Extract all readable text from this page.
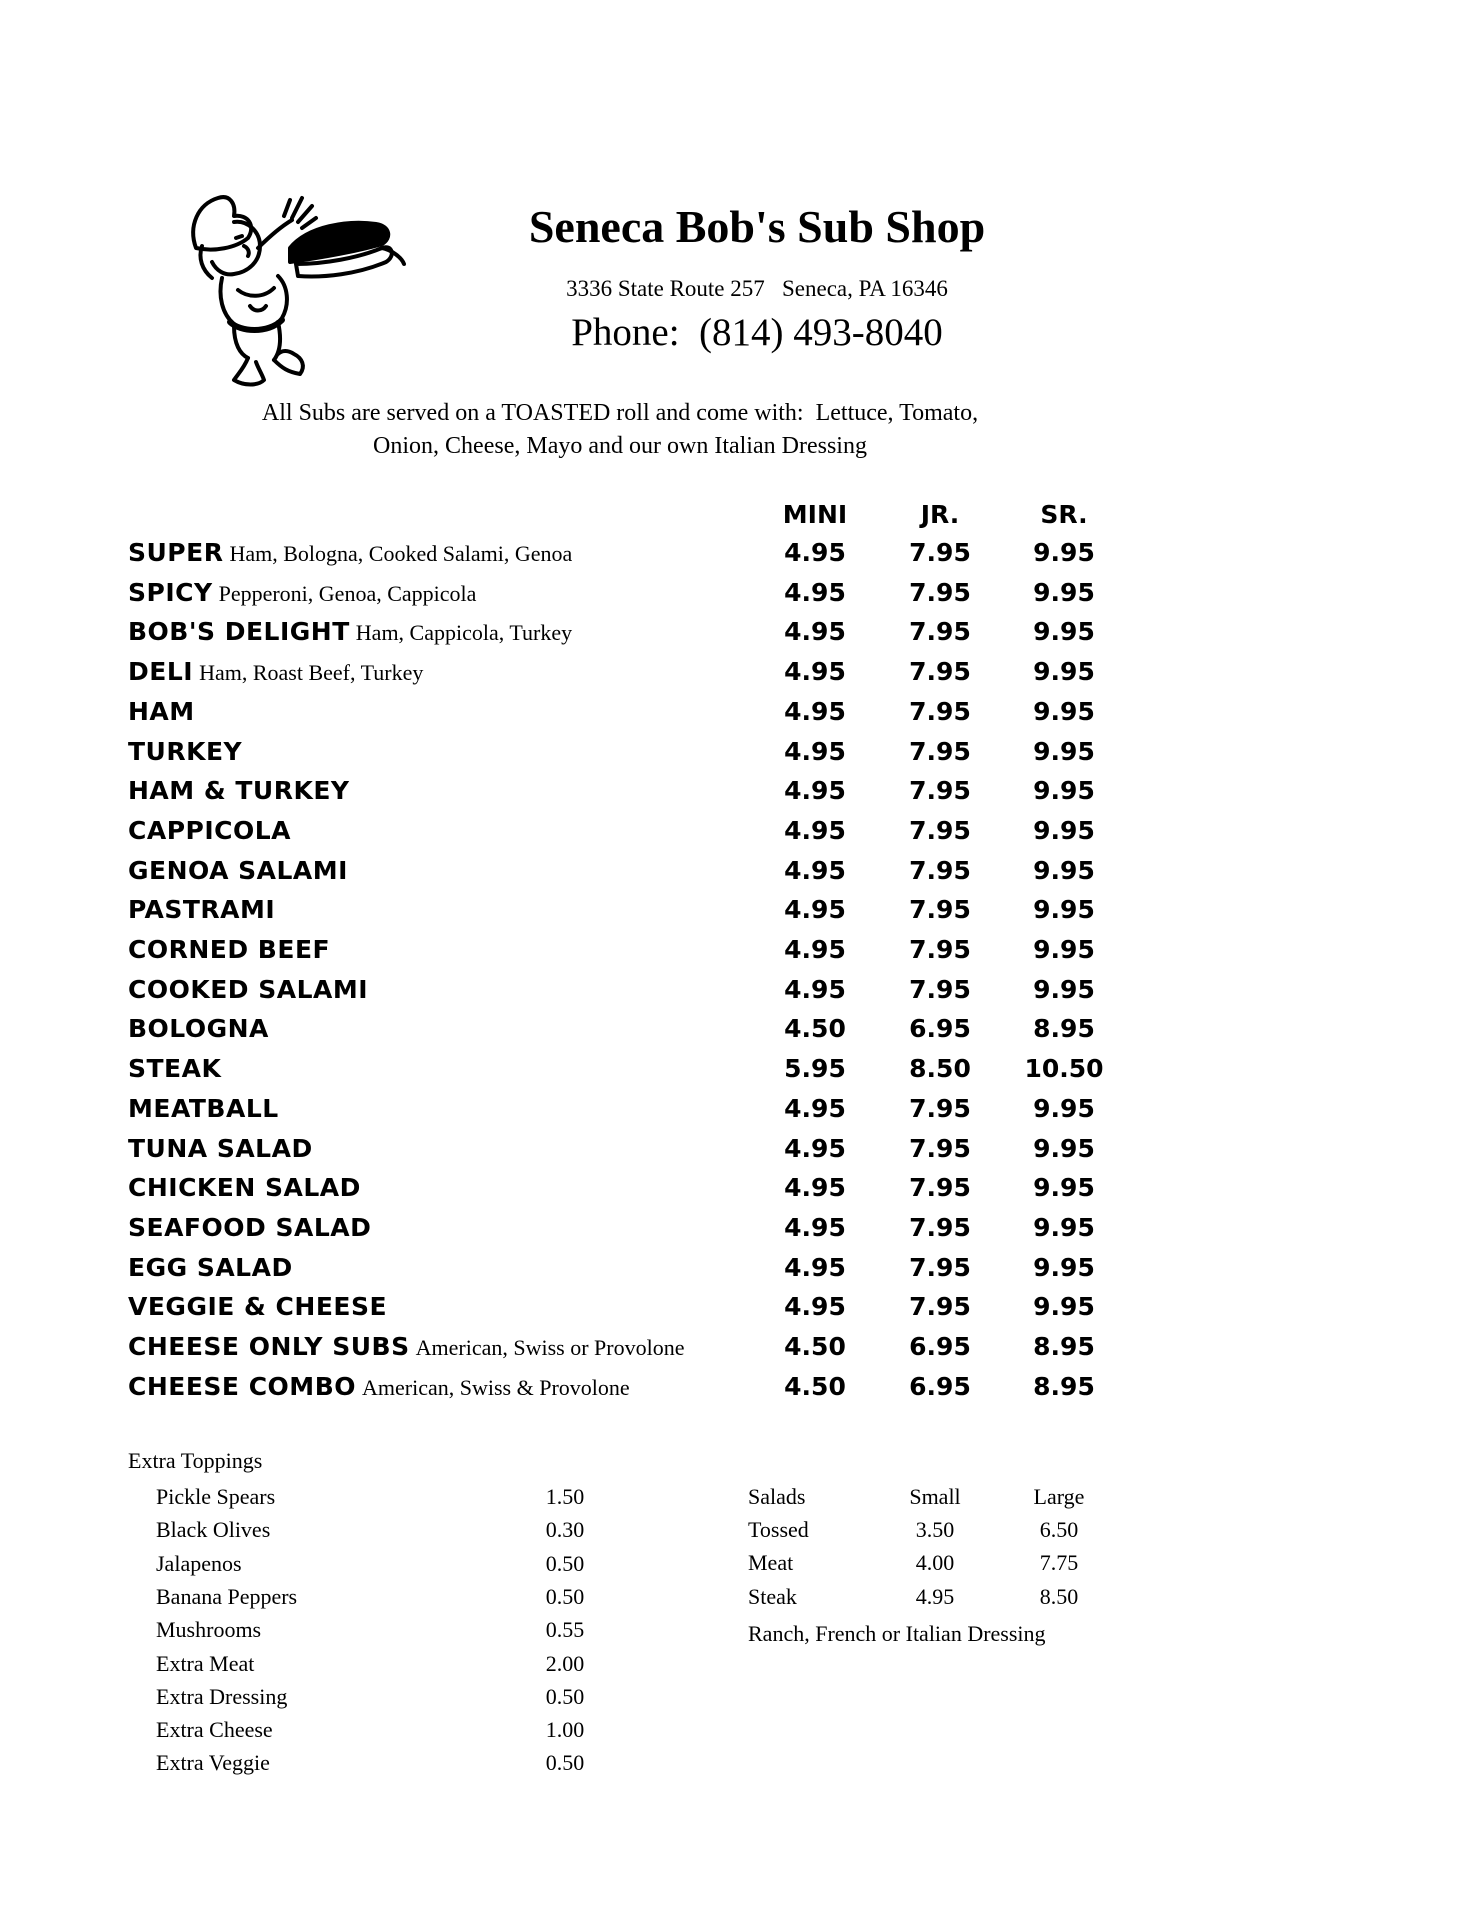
Seneca Bob's Sub Shop
3336 State Route 257   Seneca, PA 16346
Phone:  (814) 493-8040
All Subs are served on a TOASTED roll and come with:  Lettuce, Tomato,
Onion, Cheese, Mayo and our own Italian Dressing
MINI	JR.	SR.
SUPER Ham, Bologna, Cooked Salami, Genoa	4.95	7.95	9.95
SPICY Pepperoni, Genoa, Cappicola	4.95	7.95	9.95
BOB'S DELIGHT Ham, Cappicola, Turkey	4.95	7.95	9.95
DELI Ham, Roast Beef, Turkey	4.95	7.95	9.95
HAM	4.95	7.95	9.95
TURKEY	4.95	7.95	9.95
HAM & TURKEY	4.95	7.95	9.95
CAPPICOLA	4.95	7.95	9.95
GENOA SALAMI	4.95	7.95	9.95
PASTRAMI	4.95	7.95	9.95
CORNED BEEF	4.95	7.95	9.95
COOKED SALAMI	4.95	7.95	9.95
BOLOGNA	4.50	6.95	8.95
STEAK	5.95	8.50	10.50
MEATBALL	4.95	7.95	9.95
TUNA SALAD	4.95	7.95	9.95
CHICKEN SALAD	4.95	7.95	9.95
SEAFOOD SALAD	4.95	7.95	9.95
EGG SALAD	4.95	7.95	9.95
VEGGIE & CHEESE	4.95	7.95	9.95
CHEESE ONLY SUBS American, Swiss or Provolone	4.50	6.95	8.95
CHEESE COMBO American, Swiss & Provolone	4.50	6.95	8.95
Extra Toppings
Pickle Spears	1.50
Black Olives	0.30
Jalapenos	0.50
Banana Peppers	0.50
Mushrooms	0.55
Extra Meat	2.00
Extra Dressing	0.50
Extra Cheese	1.00
Extra Veggie	0.50
Salads	Small	Large
Tossed	3.50	6.50
Meat	4.00	7.75
Steak	4.95	8.50
Ranch, French or Italian Dressing
